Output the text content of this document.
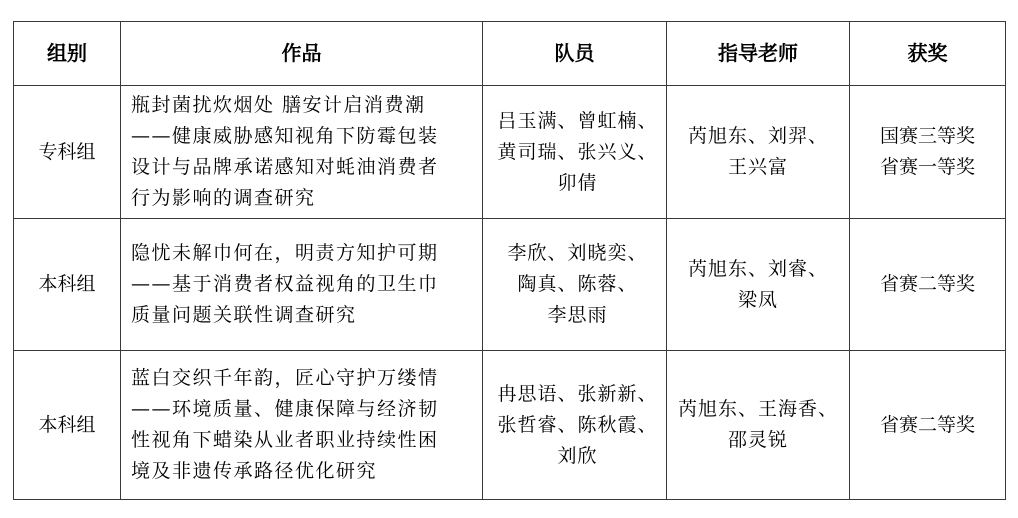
组别	作品	队员	指导老师	获奖
专科组	瓶封菌扰炊烟处 膳安计启消费潮
——健康威胁感知视角下防霉包装
设计与品牌承诺感知对蚝油消费者
行为影响的调查研究	吕玉满、曾虹楠、
黄司瑞、张兴义、
卯倩	芮旭东、刘羿、
王兴富	国赛三等奖
省赛一等奖

本科组	隐忧未解巾何在，明责方知护可期
——基于消费者权益视角的卫生巾
质量问题关联性调查研究	李欣、刘晓奕、
陶真、陈蓉、
李思雨	芮旭东、刘睿、
梁凤	省赛二等奖

本科组	蓝白交织千年韵，匠心守护万缕情
——环境质量、健康保障与经济韧
性视角下蜡染从业者职业持续性困
境及非遗传承路径优化研究	冉思语、张新新、
张哲睿、陈秋霞、
刘欣	芮旭东、王海香、
邵灵锐	省赛二等奖
